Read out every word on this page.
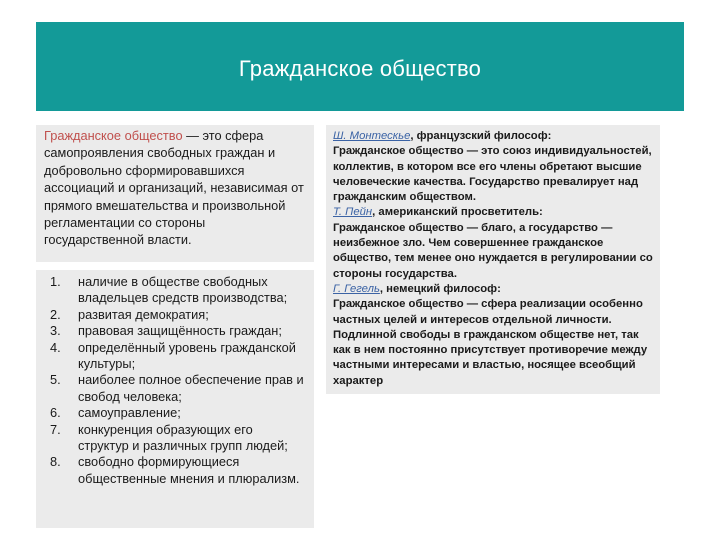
Гражданское общество
Гражданское общество — это сфера самопроявления свободных граждан и добровольно сформировавшихся ассоциаций и организаций, независимая от прямого вмешательства и произвольной регламентации со стороны государственной власти.
1.	наличие в обществе свободных владельцев средств производства;
2.	развитая демократия;
3.	правовая защищённость граждан;
4.	определённый уровень гражданской культуры;
5.	наиболее полное обеспечение прав и свобод человека;
6.	самоуправление;
7.	конкуренция образующих его структур и различных групп людей;
8.	свободно формирующиеся общественные мнения и плюрализм.
Ш. Монтескье, французский философ:
Гражданское общество — это союз индивидуальностей, коллектив, в котором все его члены обретают высшие человеческие качества. Государство превалирует над гражданским обществом.
Т. Пейн, американский просветитель:
Гражданское общество — благо, а государство — неизбежное зло. Чем совершеннее гражданское общество, тем менее оно нуждается в регулировании со стороны государства.
Г. Гегель, немецкий философ:
Гражданское общество — сфера реализации особенно частных целей и интересов отдельной личности. Подлинной свободы в гражданском обществе нет, так как в нем постоянно присутствует противоречие между частными интересами и властью, носящее всеобщий характер
